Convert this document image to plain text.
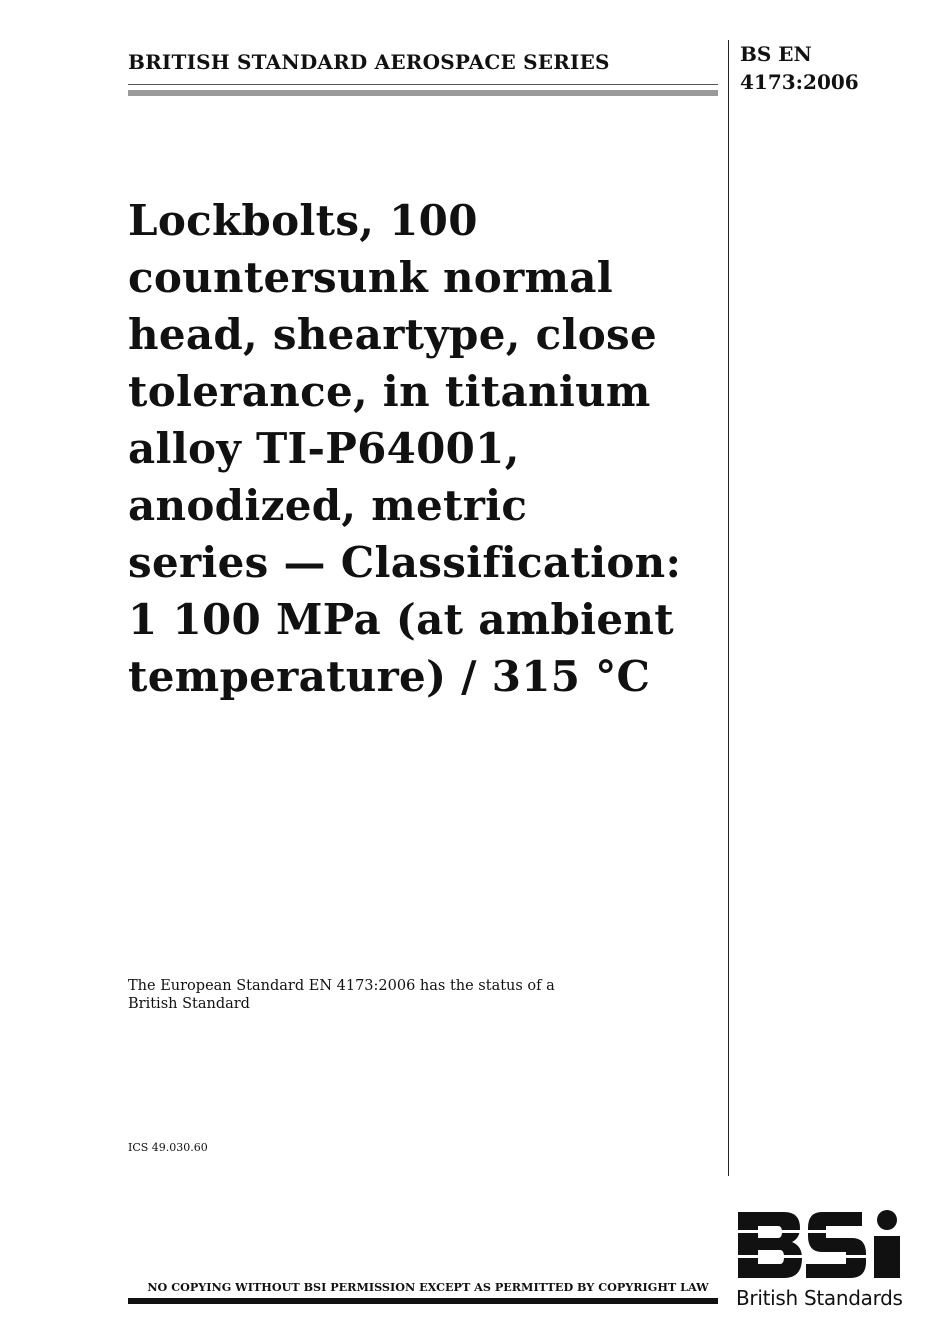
BRITISH STANDARD AEROSPACE SERIES	BS EN
4173:2006
Lockbolts, 100
countersunk normal
head, sheartype, close
tolerance, in titanium
alloy TI-P64001,
anodized, metric
series — Classification:
1 100 MPa (at ambient
temperature) / 315 °C
The European Standard EN 4173:2006 has the status of a
British Standard
ICS 49.030.60
NO COPYING WITHOUT BSI PERMISSION EXCEPT AS PERMITTED BY COPYRIGHT LAW British Standards
